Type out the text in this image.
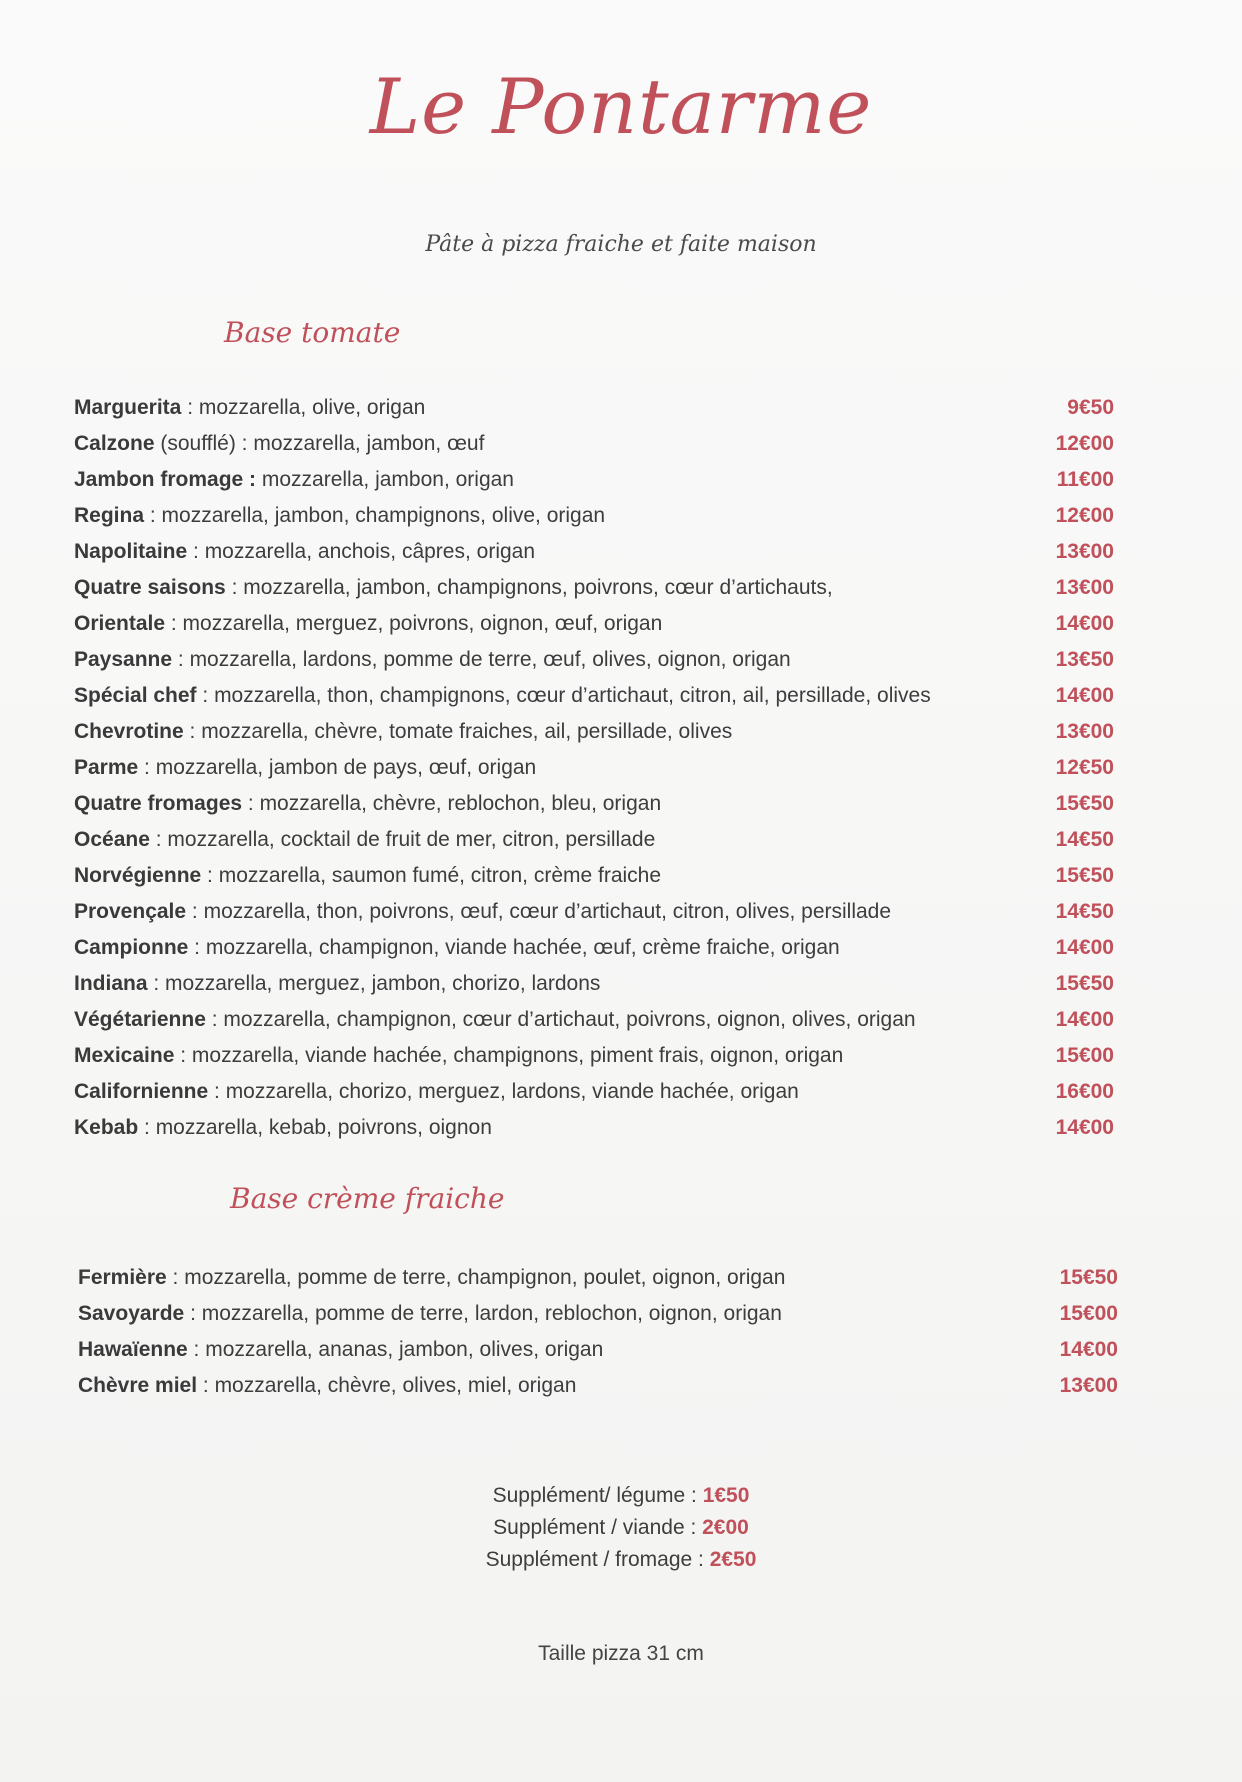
Le Pontarme
Pâte à pizza fraiche et faite maison
Base tomate
Marguerita : mozzarella, olive, origan	9€50
Calzone (soufflé) : mozzarella, jambon, œuf	12€00
Jambon fromage : mozzarella, jambon, origan	11€00
Regina : mozzarella, jambon, champignons, olive, origan	12€00
Napolitaine : mozzarella, anchois, câpres, origan	13€00
Quatre saisons : mozzarella, jambon, champignons, poivrons, cœur d’artichauts,	13€00
Orientale : mozzarella, merguez, poivrons, oignon, œuf, origan	14€00
Paysanne : mozzarella, lardons, pomme de terre, œuf, olives, oignon, origan	13€50
Spécial chef : mozzarella, thon, champignons, cœur d’artichaut, citron, ail, persillade, olives	14€00
Chevrotine : mozzarella, chèvre, tomate fraiches, ail, persillade, olives	13€00
Parme : mozzarella, jambon de pays, œuf, origan	12€50
Quatre fromages : mozzarella, chèvre, reblochon, bleu, origan	15€50
Océane : mozzarella, cocktail de fruit de mer, citron, persillade	14€50
Norvégienne : mozzarella, saumon fumé, citron, crème fraiche	15€50
Provençale : mozzarella, thon, poivrons, œuf, cœur d’artichaut, citron, olives, persillade	14€50
Campionne : mozzarella, champignon, viande hachée, œuf, crème fraiche, origan	14€00
Indiana : mozzarella, merguez, jambon, chorizo, lardons	15€50
Végétarienne : mozzarella, champignon, cœur d’artichaut, poivrons, oignon, olives, origan	14€00
Mexicaine : mozzarella, viande hachée, champignons, piment frais, oignon, origan	15€00
Californienne : mozzarella, chorizo, merguez, lardons, viande hachée, origan	16€00
Kebab : mozzarella, kebab, poivrons, oignon	14€00
Base crème fraiche
Fermière : mozzarella, pomme de terre, champignon, poulet, oignon, origan	15€50
Savoyarde : mozzarella, pomme de terre, lardon, reblochon, oignon, origan	15€00
Hawaïenne : mozzarella, ananas, jambon, olives, origan	14€00
Chèvre miel : mozzarella, chèvre, olives, miel, origan	13€00
Supplément/ légume : 1€50
Supplément / viande : 2€00
Supplément / fromage : 2€50
Taille pizza 31 cm
